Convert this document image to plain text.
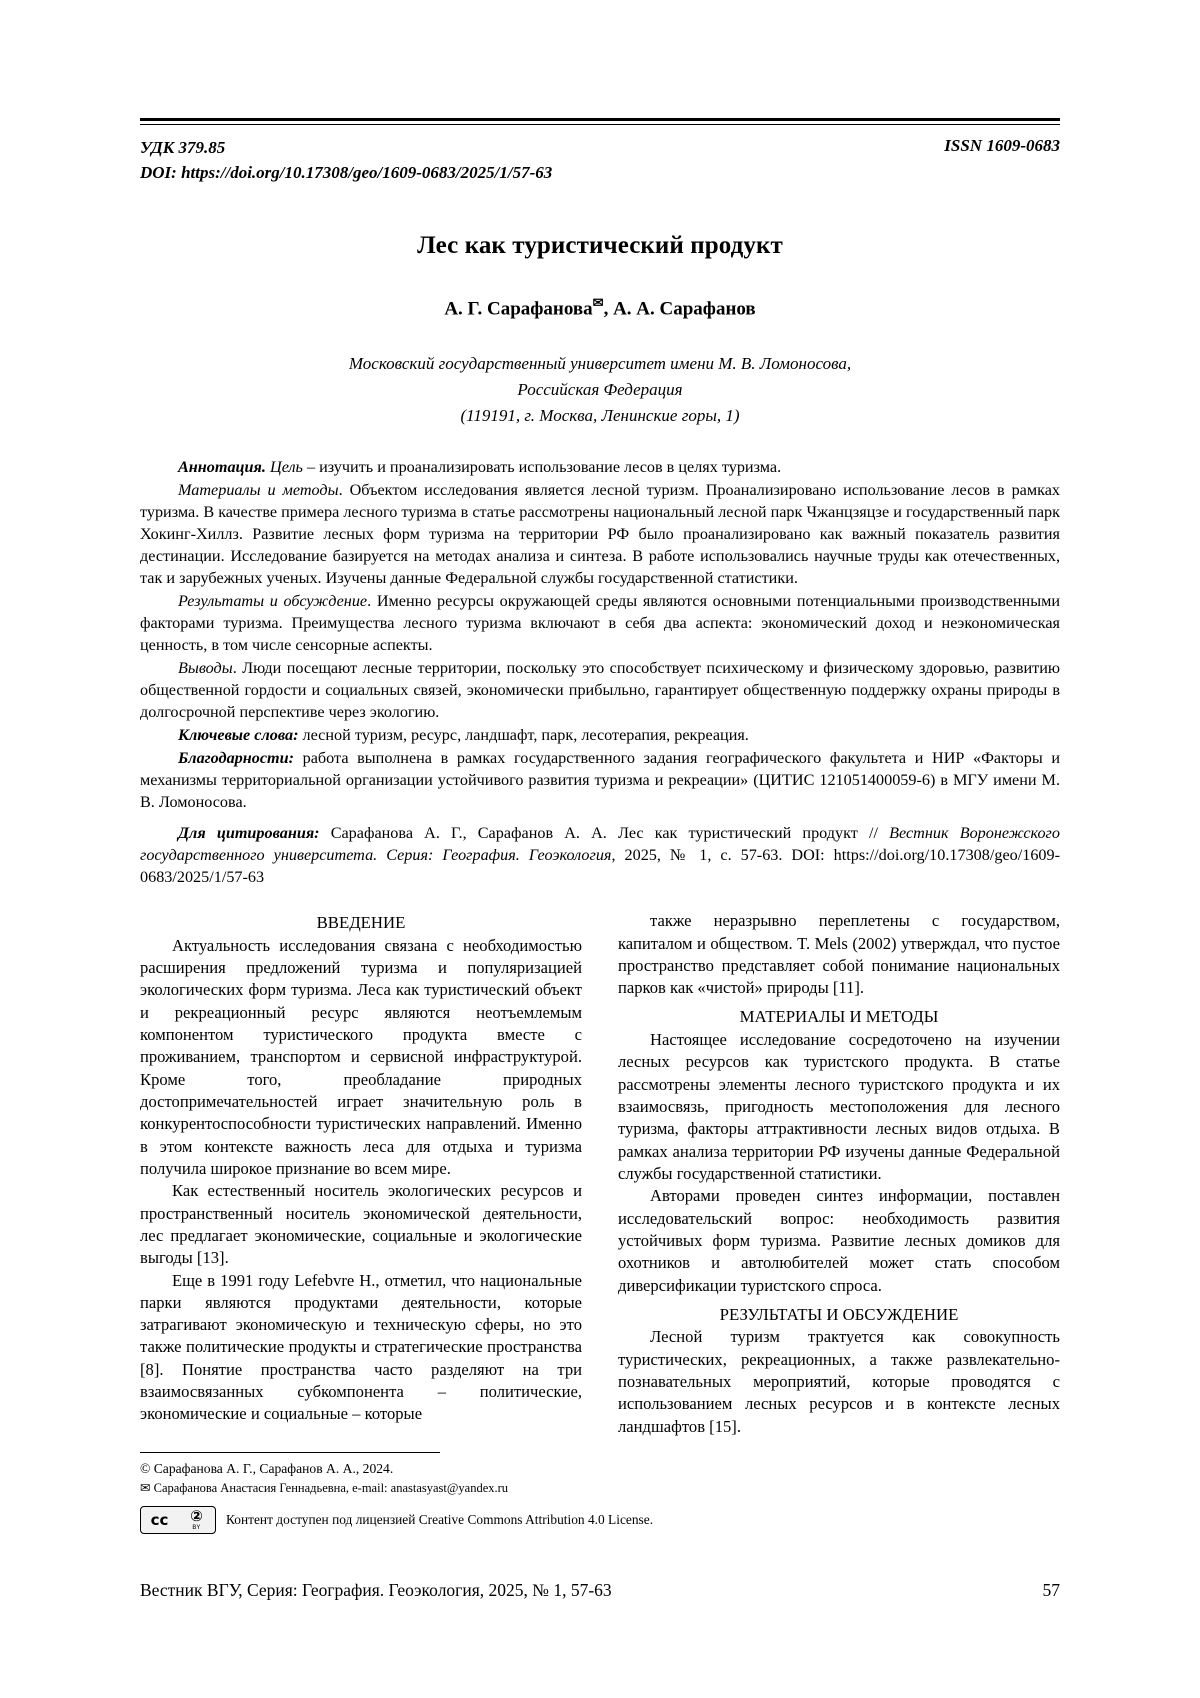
УДК 379.85
DOI: https://doi.org/10.17308/geo/1609-0683/2025/1/57-63
ISSN 1609-0683
Лес как туристический продукт
А. Г. Сарафанова✉, А. А. Сарафанов
Московский государственный университет имени М. В. Ломоносова,
Российская Федерация
(119191, г. Москва, Ленинские горы, 1)

Аннотация. Цель – изучить и проанализировать использование лесов в целях туризма.

Материалы и методы. Объектом исследования является лесной туризм. Проанализировано использование лесов в рамках туризма. В качестве примера лесного туризма в статье рассмотрены национальный лесной парк Чжанцзяцзе и государственный парк Хокинг-Хиллз. Развитие лесных форм туризма на территории РФ было проанализировано как важный показатель развития дестинации. Исследование базируется на методах анализа и синтеза. В работе использовались научные труды как отечественных, так и зарубежных ученых. Изучены данные Федеральной службы государственной статистики.

Результаты и обсуждение. Именно ресурсы окружающей среды являются основными потенциальными производственными факторами туризма. Преимущества лесного туризма включают в себя два аспекта: экономический доход и неэкономическая ценность, в том числе сенсорные аспекты.

Выводы. Люди посещают лесные территории, поскольку это способствует психическому и физическому здоровью, развитию общественной гордости и социальных связей, экономически прибыльно, гарантирует общественную поддержку охраны природы в долгосрочной перспективе через экологию.

Ключевые слова: лесной туризм, ресурс, ландшафт, парк, лесотерапия, рекреация.

Благодарности: работа выполнена в рамках государственного задания географического факультета и НИР «Факторы и механизмы территориальной организации устойчивого развития туризма и рекреации» (ЦИТИС 121051400059-6) в МГУ имени М. В. Ломоносова.

Для цитирования: Сарафанова А. Г., Сарафанов А. А. Лес как туристический продукт // Вестник Воронежского государственного университета. Серия: География. Геоэкология, 2025, № 1, с. 57-63. DOI: https://doi.org/10.17308/geo/1609-0683/2025/1/57-63

ВВЕДЕНИЕ

Актуальность исследования связана с необходимостью расширения предложений туризма и популяризацией экологических форм туризма. Леса как туристический объект и рекреационный ресурс являются неотъемлемым компонентом туристического продукта вместе с проживанием, транспортом и сервисной инфраструктурой. Кроме того, преобладание природных достопримечательностей играет значительную роль в конкурентоспособности туристических направлений. Именно в этом контексте важность леса для отдыха и туризма получила широкое признание во всем мире.

Как естественный носитель экологических ресурсов и пространственный носитель экономической деятельности, лес предлагает экономические, социальные и экологические выгоды [13].

Еще в 1991 году Lefebvre H., отметил, что национальные парки являются продуктами деятельности, которые затрагивают экономическую и техническую сферы, но это также политические продукты и стратегические пространства [8]. Понятие пространства часто разделяют на три взаимосвязанных субкомпонента – политические, экономические и социальные – которые

также неразрывно переплетены с государством, капиталом и обществом. T. Mels (2002) утверждал, что пустое пространство представляет собой понимание национальных парков как «чистой» природы [11].

МАТЕРИАЛЫ И МЕТОДЫ

Настоящее исследование сосредоточено на изучении лесных ресурсов как туристского продукта. В статье рассмотрены элементы лесного туристского продукта и их взаимосвязь, пригодность местоположения для лесного туризма, факторы аттрактивности лесных видов отдыха. В рамках анализа территории РФ изучены данные Федеральной службы государственной статистики.

Авторами проведен синтез информации, поставлен исследовательский вопрос: необходимость развития устойчивых форм туризма. Развитие лесных домиков для охотников и автолюбителей может стать способом диверсификации туристского спроса.

РЕЗУЛЬТАТЫ И ОБСУЖДЕНИЕ

Лесной туризм трактуется как совокупность туристических, рекреационных, а также развлекательно-познавательных мероприятий, которые проводятся с использованием лесных ресурсов и в контексте лесных ландшафтов [15].

© Сарафанова А. Г., Сарафанов А. А., 2024.
✉ Сарафанова Анастасия Геннадьевна, e-mail: anastasyast@yandex.ru
cc ②
BY
Контент доступен под лицензией Creative Commons Attribution 4.0 License.
Вестник ВГУ, Серия: География. Геоэкология, 2025, № 1, 57-63	57
